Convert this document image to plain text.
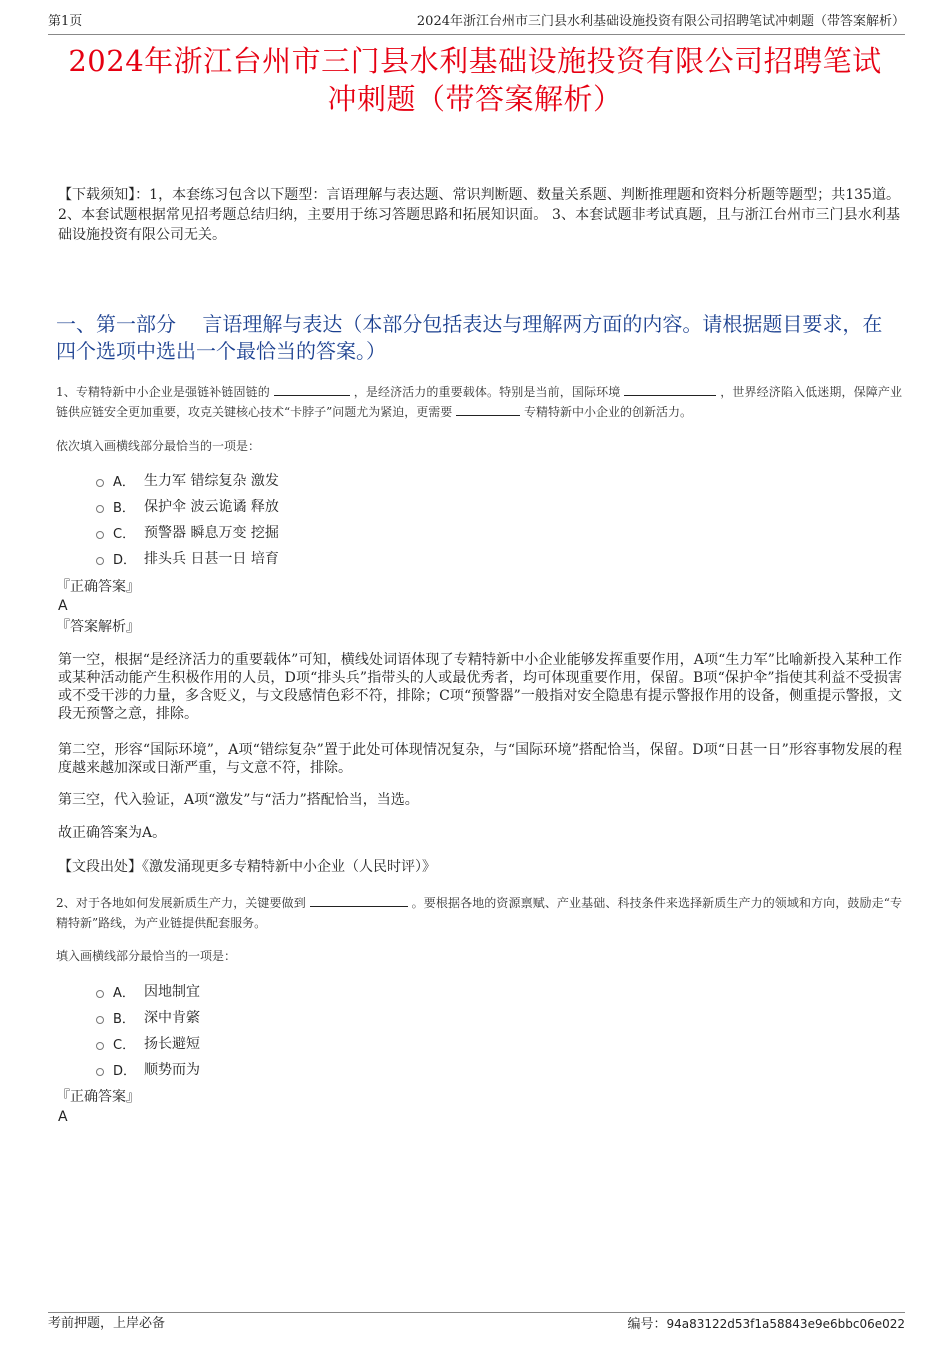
第1页	2024年浙江台州市三门县水利基础设施投资有限公司招聘笔试冲刺题（带答案解析）
2024年浙江台州市三门县水利基础设施投资有限公司招聘笔试
冲刺题（带答案解析）
【下载须知】：1，本套练习包含以下题型：言语理解与表达题、常识判断题、数量关系题、判断推理题和资料分析题等题型；共135道。 2、本套试题根据常见招考题总结归纳，主要用于练习答题思路和拓展知识面。 3、本套试题非考试真题，且与浙江台州市三门县水利基础设施投资有限公司无关。
一、第一部分　 言语理解与表达（本部分包括表达与理解两方面的内容。请根据题目要求，在四个选项中选出一个最恰当的答案。）
1、专精特新中小企业是强链补链固链的	，是经济活力的重要载体。特别是当前，国际环境	，世界经济陷入低迷期，保障产业链供应链安全更加重要，攻克关键核心技术“卡脖子”问题尤为紧迫，更需要	专精特新中小企业的创新活力。
依次填入画横线部分最恰当的一项是：
A． 生力军 错综复杂 激发
B． 保护伞 波云诡谲 释放
C． 预警器 瞬息万变 挖掘
D． 排头兵 日甚一日 培育
『正确答案』
A
『答案解析』
第一空，根据“是经济活力的重要载体”可知，横线处词语体现了专精特新中小企业能够发挥重要作用，A项“生力军”比喻新投入某种工作或某种活动能产生积极作用的人员，D项“排头兵”指带头的人或最优秀者，均可体现重要作用，保留。B项“保护伞”指使其利益不受损害或不受干涉的力量，多含贬义，与文段感情色彩不符，排除；C项“预警器”一般指对安全隐患有提示警报作用的设备，侧重提示警报，文段无预警之意，排除。
第二空，形容“国际环境”，A项“错综复杂”置于此处可体现情况复杂，与“国际环境”搭配恰当，保留。D项“日甚一日”形容事物发展的程度越来越加深或日渐严重，与文意不符，排除。
第三空，代入验证，A项“激发”与“活力”搭配恰当，当选。
故正确答案为A。
【文段出处】《激发涌现更多专精特新中小企业（人民时评）》
2、对于各地如何发展新质生产力，关键要做到	。要根据各地的资源禀赋、产业基础、科技条件来选择新质生产力的领域和方向，鼓励走“专精特新”路线，为产业链提供配套服务。
填入画横线部分最恰当的一项是：
A． 因地制宜
B． 深中肯綮
C． 扬长避短
D． 顺势而为
『正确答案』
A
考前押题，上岸必备	编号：94a83122d53f1a58843e9e6bbc06e022
